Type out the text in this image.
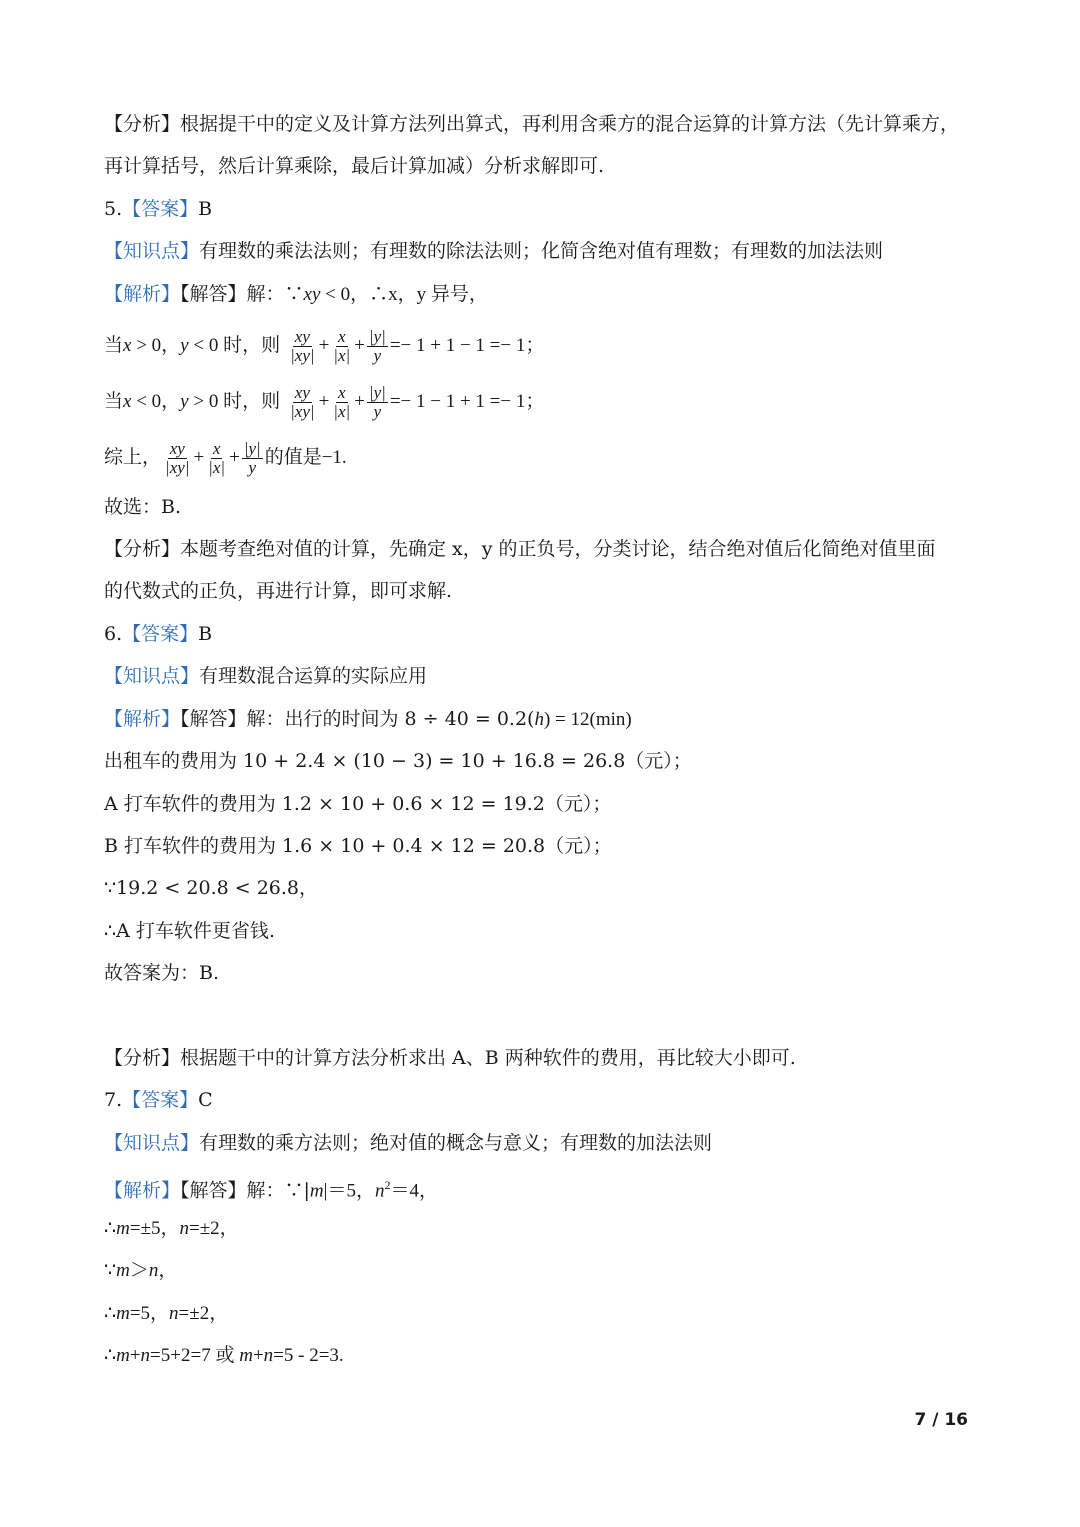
【分析】根据提干中的定义及计算方法列出算式，再利用含乘方的混合运算的计算方法（先计算乘方，
再计算括号，然后计算乘除，最后计算加减）分析求解即可.
5.【答案】B
【知识点】有理数的乘法法则；有理数的除法法则；化简含绝对值有理数；有理数的加法法则
【解析】【解答】解：∵xy < 0，∴x，y 异号，
当x > 0，y < 0 时，则 $\frac{xy}{|xy|} + \frac{x}{|x|} + \frac{|y|}{y} =- 1 + 1 - 1 =- 1$；
当x < 0，y > 0 时，则 $\frac{xy}{|xy|} + \frac{x}{|x|} + \frac{|y|}{y} =- 1 - 1 + 1 =- 1$；
综上， $\frac{xy}{|xy|} + \frac{x}{|x|} + \frac{|y|}{y}$ 的值是−1.
故选：B.
【分析】本题考查绝对值的计算，先确定 x，y 的正负号，分类讨论，结合绝对值后化简绝对值里面
的代数式的正负，再进行计算，即可求解.
6.【答案】B
【知识点】有理数混合运算的实际应用
【解析】【解答】解：出行的时间为 8 ÷ 40 = 0.2(h) = 12(min)
出租车的费用为 10 + 2.4 × (10 − 3) = 10 + 16.8 = 26.8（元）；
A 打车软件的费用为 1.2 × 10 + 0.6 × 12 = 19.2（元）；
B 打车软件的费用为 1.6 × 10 + 0.4 × 12 = 20.8（元）；
∵19.2 < 20.8 < 26.8，
∴A 打车软件更省钱.
故答案为：B.
【分析】根据题干中的计算方法分析求出 A、B 两种软件的费用，再比较大小即可.
7.【答案】C
【知识点】有理数的乘方法则；绝对值的概念与意义；有理数的加法法则
【解析】【解答】解：∵|m|＝5，$n^2=4$，
∴m=±5，n=±2，
∵m＞n，
∴m=5，n=±2，
∴m+n=5+2=7 或 m+n=5 - 2=3.
7 / 16
